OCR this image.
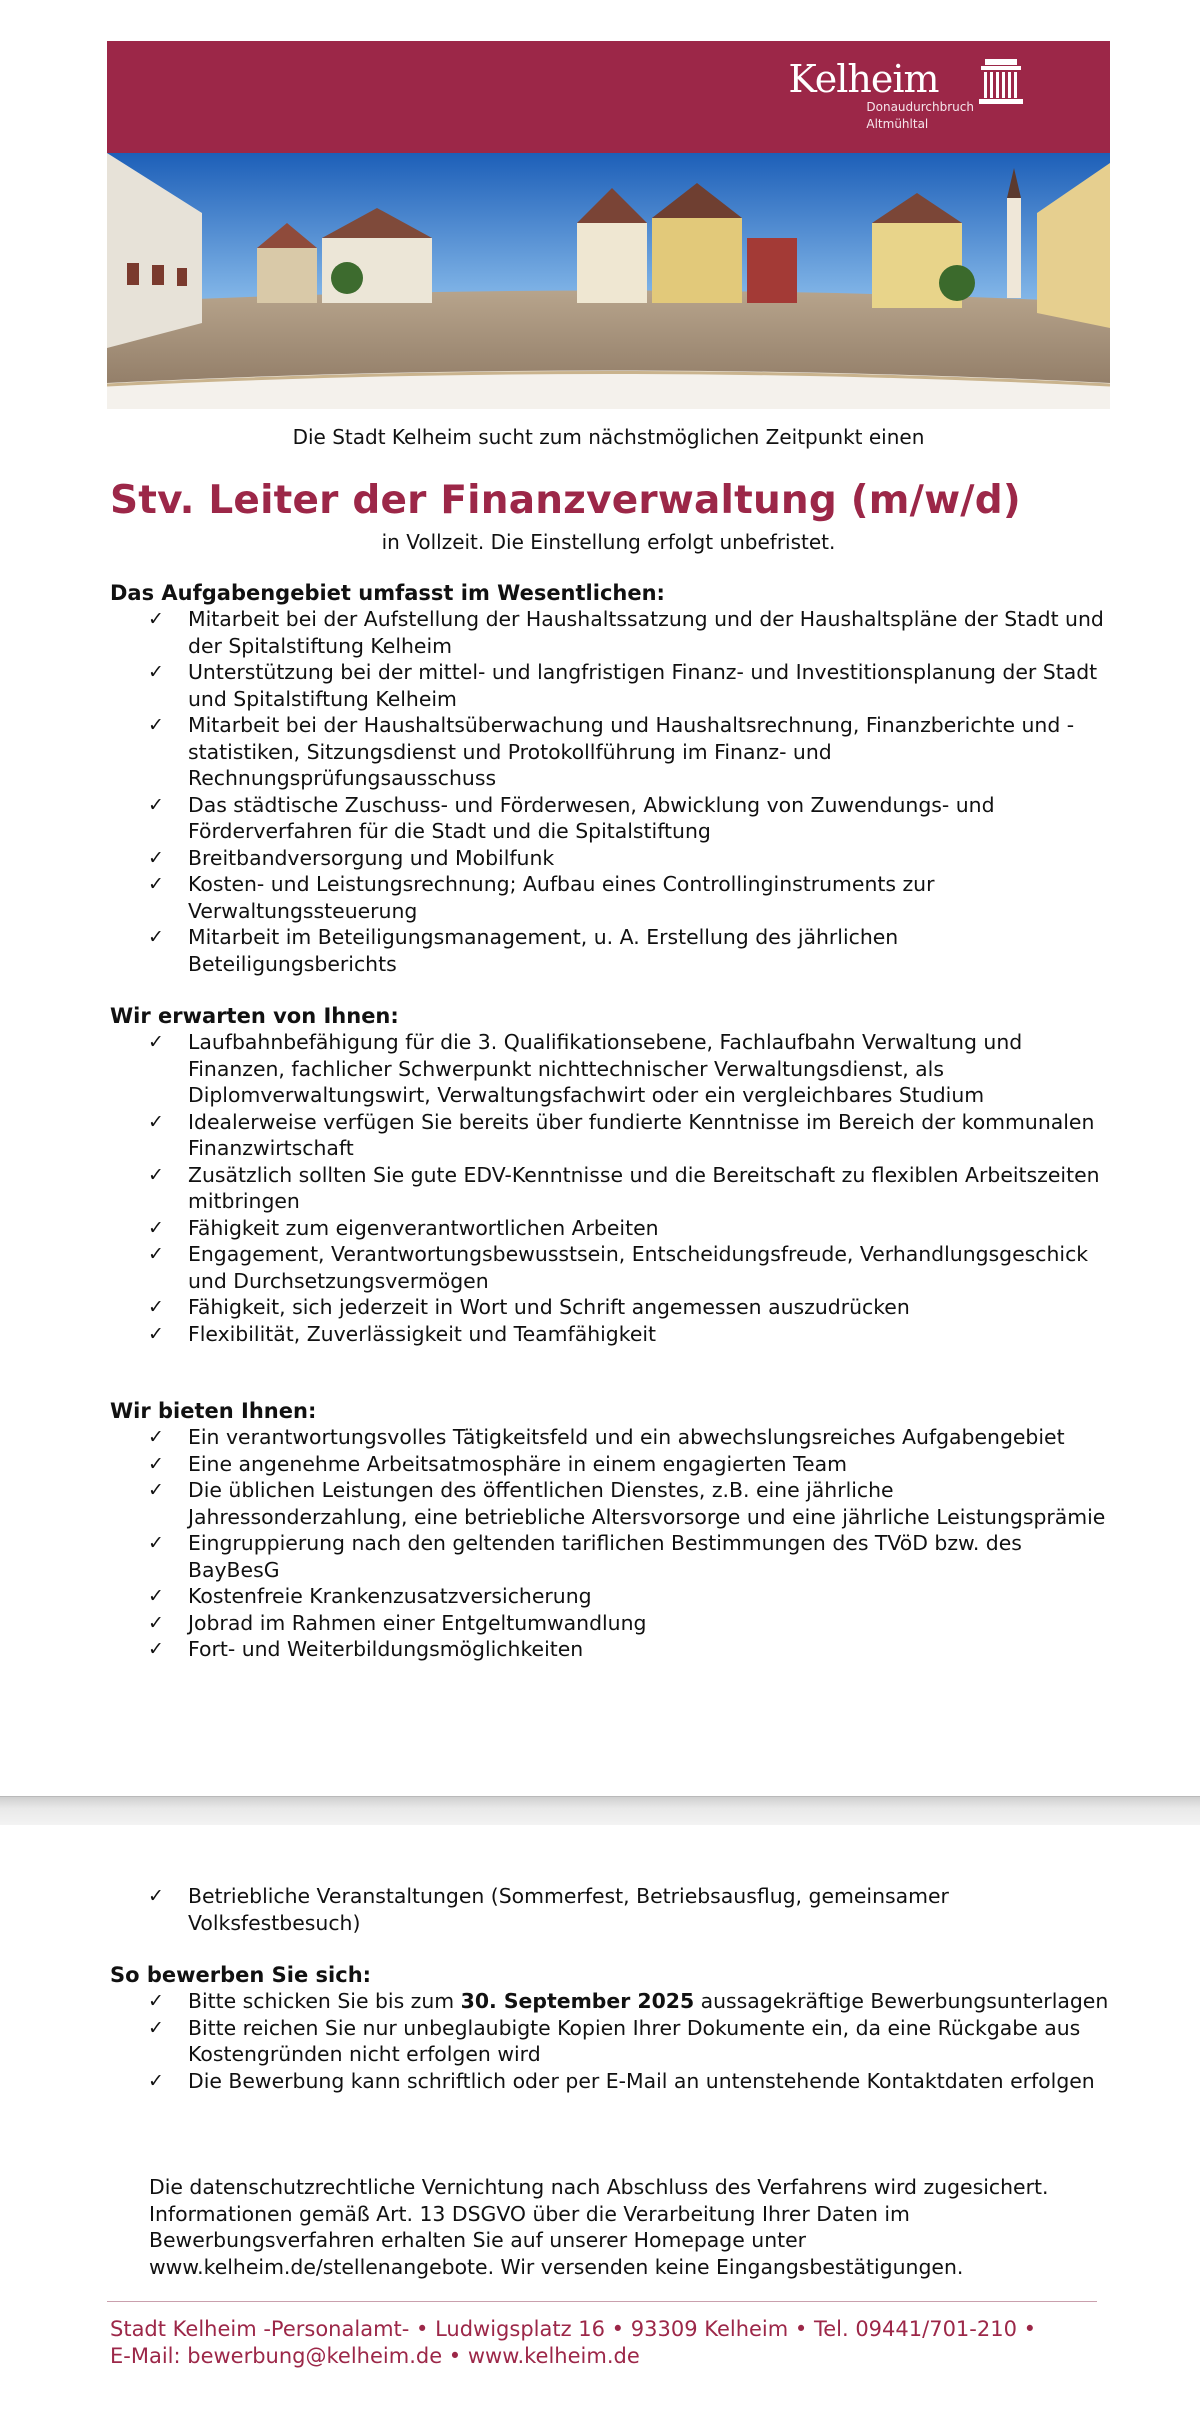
Kelheim
Donaudurchbruch
Altmühltal
Die Stadt Kelheim sucht zum nächstmöglichen Zeitpunkt einen
Stv. Leiter der Finanzverwaltung (m/w/d)
in Vollzeit. Die Einstellung erfolgt unbefristet.
Das Aufgabengebiet umfasst im Wesentlichen:
✓ Mitarbeit bei der Aufstellung der Haushaltssatzung und der Haushaltspläne der Stadt und der Spitalstiftung Kelheim
✓ Unterstützung bei der mittel- und langfristigen Finanz- und Investitionsplanung der Stadt und Spitalstiftung Kelheim
✓ Mitarbeit bei der Haushaltsüberwachung und Haushaltsrechnung, Finanzberichte und -statistiken, Sitzungsdienst und Protokollführung im Finanz- und Rechnungsprüfungsausschuss
✓ Das städtische Zuschuss- und Förderwesen, Abwicklung von Zuwendungs- und Förderverfahren für die Stadt und die Spitalstiftung
✓ Breitbandversorgung und Mobilfunk
✓ Kosten- und Leistungsrechnung; Aufbau eines Controllinginstruments zur Verwaltungssteuerung
✓ Mitarbeit im Beteiligungsmanagement, u. A. Erstellung des jährlichen Beteiligungsberichts
Wir erwarten von Ihnen:
✓ Laufbahnbefähigung für die 3. Qualifikationsebene, Fachlaufbahn Verwaltung und Finanzen, fachlicher Schwerpunkt nichttechnischer Verwaltungsdienst, als Diplomverwaltungswirt, Verwaltungsfachwirt oder ein vergleichbares Studium
✓ Idealerweise verfügen Sie bereits über fundierte Kenntnisse im Bereich der kommunalen Finanzwirtschaft
✓ Zusätzlich sollten Sie gute EDV-Kenntnisse und die Bereitschaft zu flexiblen Arbeitszeiten mitbringen
✓ Fähigkeit zum eigenverantwortlichen Arbeiten
✓ Engagement, Verantwortungsbewusstsein, Entscheidungsfreude, Verhandlungsgeschick und Durchsetzungsvermögen
✓ Fähigkeit, sich jederzeit in Wort und Schrift angemessen auszudrücken
✓ Flexibilität, Zuverlässigkeit und Teamfähigkeit
Wir bieten Ihnen:
✓ Ein verantwortungsvolles Tätigkeitsfeld und ein abwechslungsreiches Aufgabengebiet
✓ Eine angenehme Arbeitsatmosphäre in einem engagierten Team
✓ Die üblichen Leistungen des öffentlichen Dienstes, z.B. eine jährliche Jahressonderzahlung, eine betriebliche Altersvorsorge und eine jährliche Leistungsprämie
✓ Eingruppierung nach den geltenden tariflichen Bestimmungen des TVöD bzw. des BayBesG
✓ Kostenfreie Krankenzusatzversicherung
✓ Jobrad im Rahmen einer Entgeltumwandlung
✓ Fort- und Weiterbildungsmöglichkeiten
✓ Betriebliche Veranstaltungen (Sommerfest, Betriebsausflug, gemeinsamer Volksfestbesuch)
So bewerben Sie sich:
✓ Bitte schicken Sie bis zum 30. September 2025 aussagekräftige Bewerbungsunterlagen
✓ Bitte reichen Sie nur unbeglaubigte Kopien Ihrer Dokumente ein, da eine Rückgabe aus Kostengründen nicht erfolgen wird
✓ Die Bewerbung kann schriftlich oder per E-Mail an untenstehende Kontaktdaten erfolgen
Die datenschutzrechtliche Vernichtung nach Abschluss des Verfahrens wird zugesichert. Informationen gemäß Art. 13 DSGVO über die Verarbeitung Ihrer Daten im Bewerbungsverfahren erhalten Sie auf unserer Homepage unter www.kelheim.de/stellenangebote. Wir versenden keine Eingangsbestätigungen.
Stadt Kelheim -Personalamt- • Ludwigsplatz 16 • 93309 Kelheim • Tel. 09441/701-210 •
E-Mail: bewerbung@kelheim.de • www.kelheim.de
